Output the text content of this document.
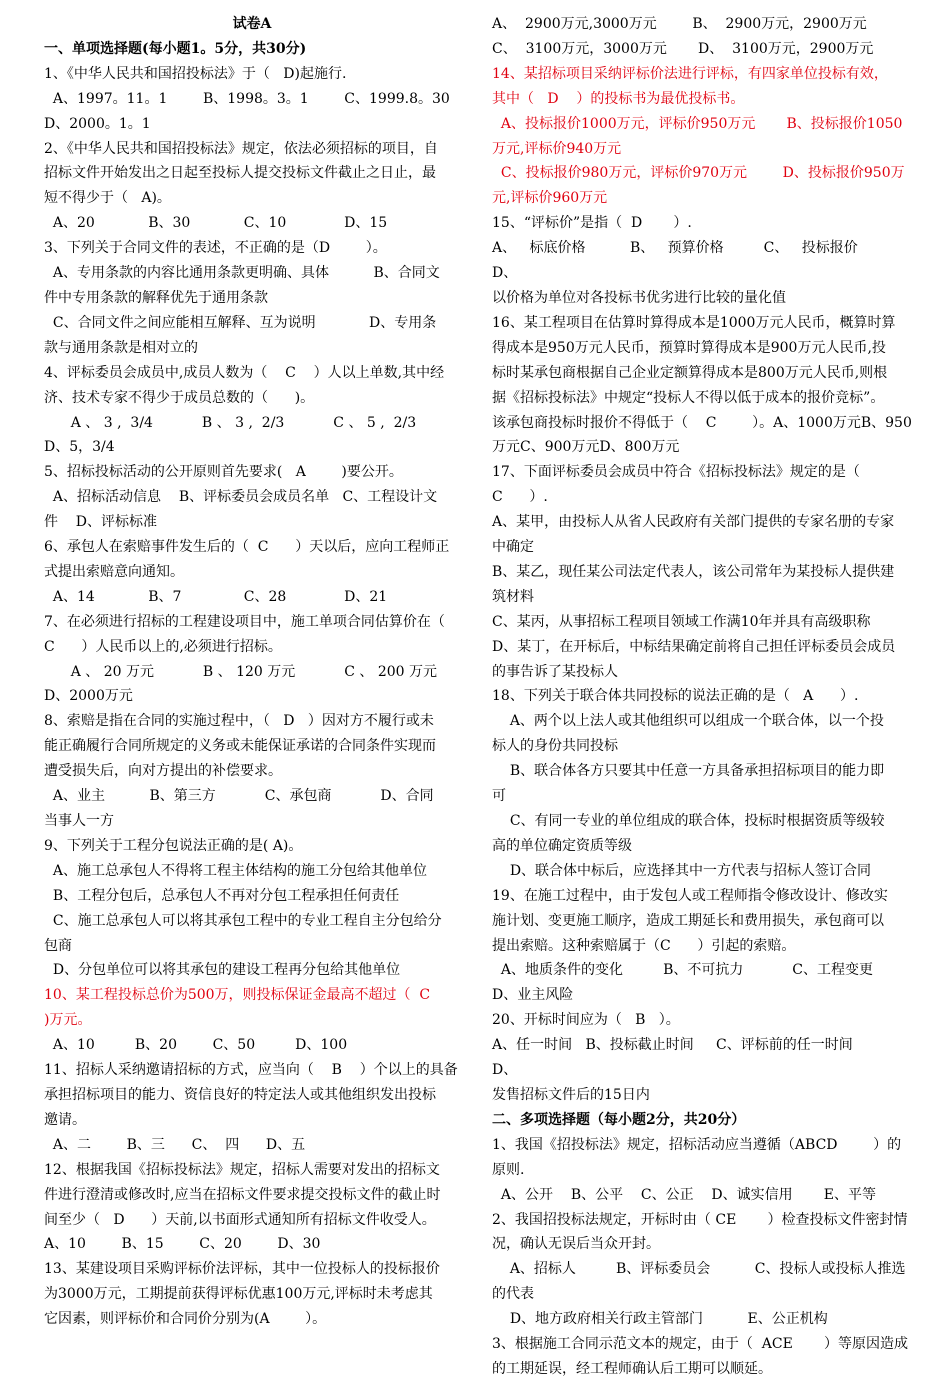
试卷A

一、单项选择题(每小题1。5分，共30分)

1、《中华人民共和国招投标法》于（   D)起施行.

A、1997。11。1        B、1998。3。1        C、1999.8。30

D、2000。1。1

2、《中华人民共和国招投标法》规定，依法必须招标的项目，自

招标文件开始发出之日起至投标人提交投标文件截止之日止，最

短不得少于（   A)。

A、20            B、30            C、10             D、15

3、下列关于合同文件的表述，不正确的是（D        ）。

A、专用条款的内容比通用条款更明确、具体          B、合同文

件中专用条款的解释优先于通用条款

C、合同文件之间应能相互解释、互为说明            D、专用条

款与通用条款是相对立的

4、评标委员会成员中,成员人数为（    C    ）人以上单数,其中经

济、技术专家不得少于成员总数的（      )。

A 、 3 ,  3/4           B 、 3 ,  2/3           C 、 5 ,  2/3

D、5，3/4

5、招标投标活动的公开原则首先要求(   A        )要公开。

A、招标活动信息    B、评标委员会成员名单   C、工程设计文

件    D、评标标准

6、承包人在索赔事件发生后的（  C      ）天以后，应向工程师正

式提出索赔意向通知。

A、14            B、7              C、28             D、21

7、在必须进行招标的工程建设项目中，施工单项合同估算价在（

C      ）人民币以上的,必须进行招标。

A 、 20 万元           B 、 120 万元           C 、 200 万元

D、2000万元

8、索赔是指在合同的实施过程中，（   D   ）因对方不履行或未

能正确履行合同所规定的义务或未能保证承诺的合同条件实现而

遭受损失后，向对方提出的补偿要求。

A、业主          B、第三方           C、承包商           D、合同

当事人一方

9、下列关于工程分包说法正确的是( A)。

A、施工总承包人不得将工程主体结构的施工分包给其他单位

B、工程分包后，总承包人不再对分包工程承担任何责任

C、施工总承包人可以将其承包工程中的专业工程自主分包给分

包商

D、分包单位可以将其承包的建设工程再分包给其他单位

10、某工程投标总价为500万，则投标保证金最高不超过（  C

)万元。

A、10         B、20        C、50         D、100

11、招标人采纳邀请招标的方式，应当向（    B    ）个以上的具备

承担招标项目的能力、资信良好的特定法人或其他组织发出投标

邀请。

A、二        B、三      C、  四      D、五

12、根据我国《招标投标法》规定，招标人需要对发出的招标文

件进行澄清或修改时,应当在招标文件要求提交投标文件的截止时

间至少（   D      ）天前,以书面形式通知所有招标文件收受人。

A、10        B、15        C、20        D、30

13、某建设项目采购评标价法评标，其中一位投标人的投标报价

为3000万元，工期提前获得评标优惠100万元,评标时未考虑其

它因素，则评标价和合同价分别为(A        ）。

A、  2900万元,3000万元        B、  2900万元，2900万元

C、  3100万元，3000万元       D、  3100万元，2900万元

14、某招标项目采纳评标价法进行评标，有四家单位投标有效，

其中（   D    ）的投标书为最优投标书。

A、投标报价1000万元，评标价950万元       B、投标报价1050

万元,评标价940万元

C、投标报价980万元，评标价970万元        D、投标报价950万

元,评标价960万元

15、“评标价”是指（  D       ）.

A、   标底价格          B、   预算价格         C、   投标报价          D、

以价格为单位对各投标书优劣进行比较的量化值

16、某工程项目在估算时算得成本是1000万元人民币，概算时算

得成本是950万元人民币，预算时算得成本是900万元人民币,投

标时某承包商根据自己企业定额算得成本是800万元人民币,则根

据《招标投标法》中规定“投标人不得以低于成本的报价竞标”。

该承包商投标时报价不得低于（    C        ）。A、1000万元B、950

万元C、900万元D、800万元

17、下面评标委员会成员中符合《招标投标法》规定的是（

C      ）.

A、某甲，由投标人从省人民政府有关部门提供的专家名册的专家

中确定

B、某乙，现任某公司法定代表人，该公司常年为某投标人提供建

筑材料

C、某丙，从事招标工程项目领域工作满10年并具有高级职称

D、某丁，在开标后，中标结果确定前将自己担任评标委员会成员

的事告诉了某投标人

18、下列关于联合体共同投标的说法正确的是（   A      ）.

A、两个以上法人或其他组织可以组成一个联合体，以一个投

标人的身份共同投标

B、联合体各方只要其中任意一方具备承担招标项目的能力即

可

C、有同一专业的单位组成的联合体，投标时根据资质等级较

高的单位确定资质等级

D、联合体中标后，应选择其中一方代表与招标人签订合同

19、在施工过程中，由于发包人或工程师指令修改设计、修改实

施计划、变更施工顺序，造成工期延长和费用损失，承包商可以

提出索赔。这种索赔属于（C      ）引起的索赔。

A、地质条件的变化         B、不可抗力           C、工程变更

D、业主风险

20、开标时间应为（   B   ）。

A、任一时间   B、投标截止时间     C、评标前的任一时间        D、

发售招标文件后的15日内

二、多项选择题（每小题2分，共20分）

1、我国《招投标法》规定，招标活动应当遵循（ABCD        ）的

原则.

A、公开    B、公平    C、公正    D、诚实信用       E、平等

2、我国招投标法规定，开标时由（ CE       ）检查投标文件密封情

况，确认无误后当众开封。

A、招标人         B、评标委员会          C、投标人或投标人推选

的代表

D、地方政府相关行政主管部门          E、公正机构

3、根据施工合同示范文本的规定，由于（  ACE       ）等原因造成

的工期延误，经工程师确认后工期可以顺延。
